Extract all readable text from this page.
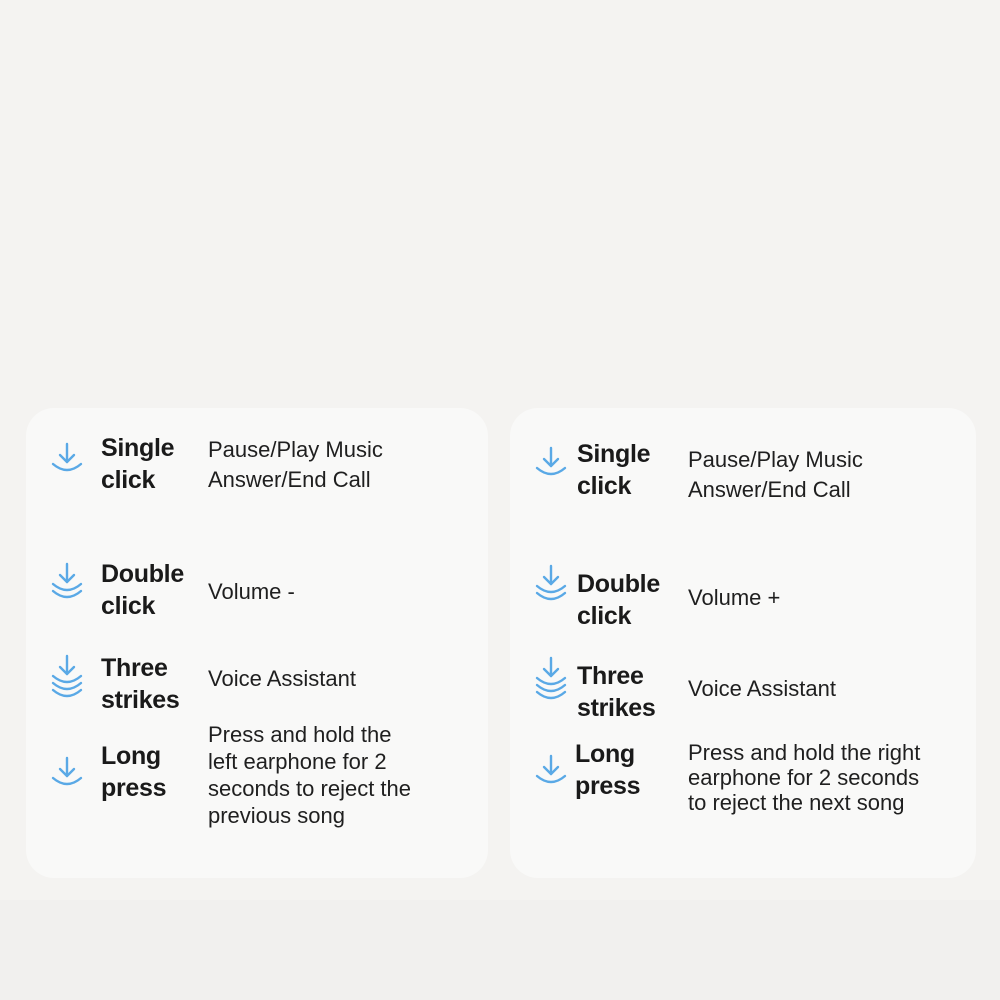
Single
click
Pause/Play Music
Answer/End Call
Double
click
Volume -
Three
strikes
Voice Assistant
Long
press
Press and hold the
left earphone for 2
seconds to reject the
previous song
Single
click
Pause/Play Music
Answer/End Call
Double
click
Volume +
Three
strikes
Voice Assistant
Long
press
Press and hold the right
earphone for 2 seconds
to reject the next song
